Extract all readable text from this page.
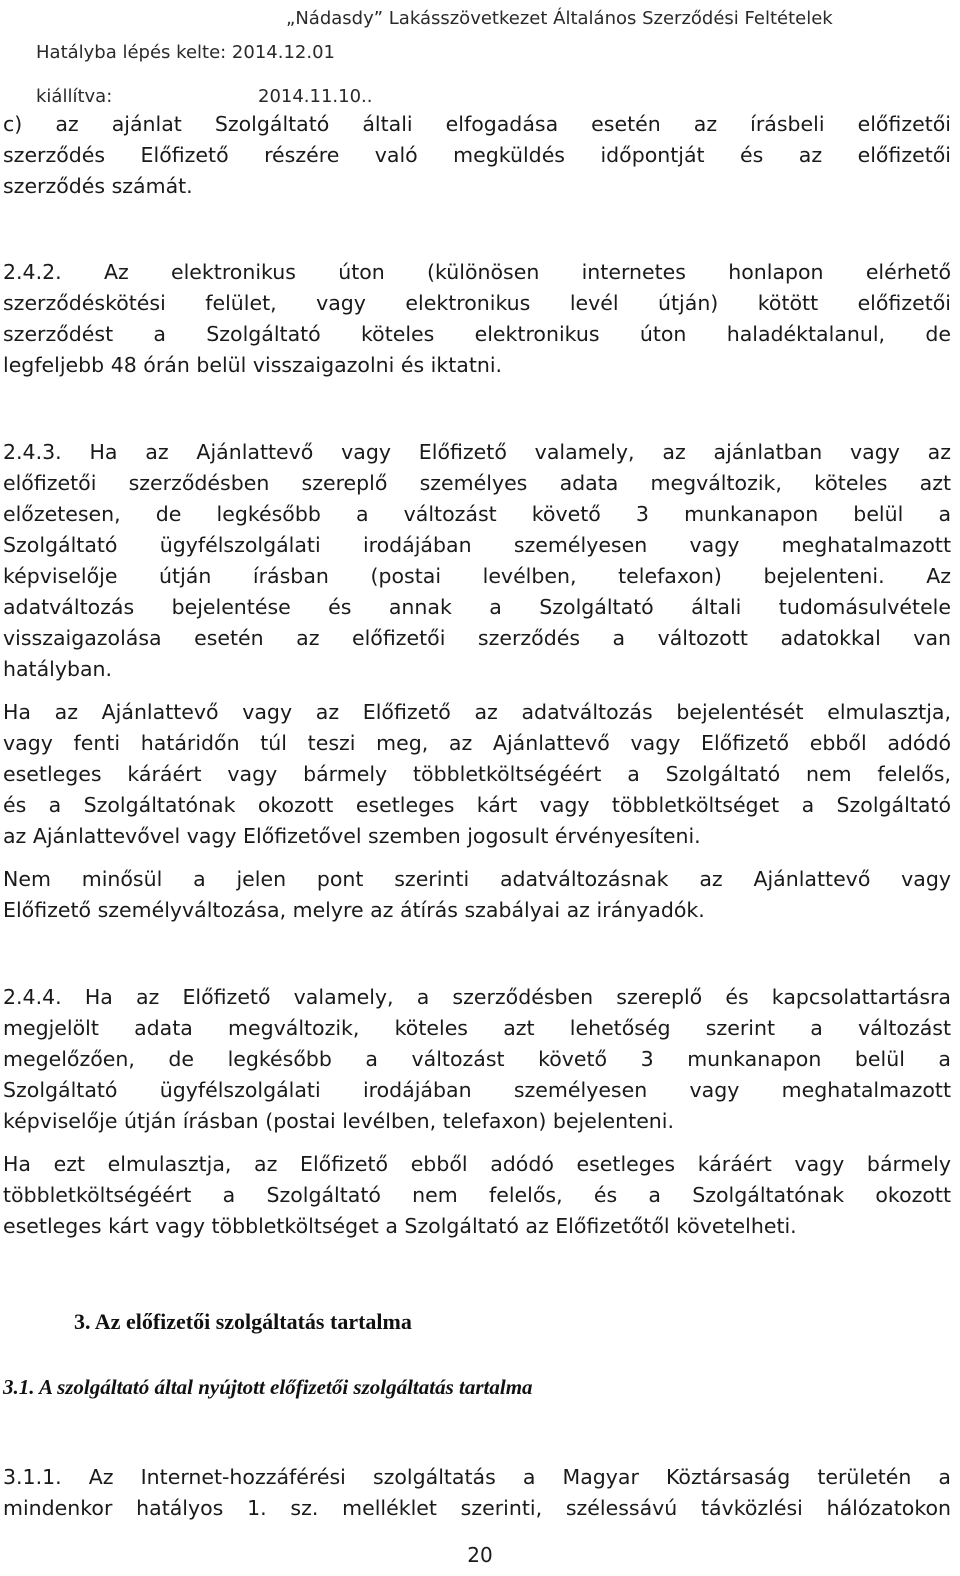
„Nádasdy” Lakásszövetkezet Általános Szerződési Feltételek
Hatályba lépés kelte: 2014.12.01
kiállítva:	2014.11.10..
c) az ajánlat Szolgáltató általi elfogadása esetén az írásbeli előfizetői
szerződés Előfizető részére való megküldés időpontját és az előfizetői
szerződés számát.
2.4.2. Az elektronikus úton (különösen internetes honlapon elérhető
szerződéskötési felület, vagy elektronikus levél útján) kötött előfizetői
szerződést a Szolgáltató köteles elektronikus úton haladéktalanul, de
legfeljebb 48 órán belül visszaigazolni és iktatni.
2.4.3. Ha az Ajánlattevő vagy Előfizető valamely, az ajánlatban vagy az
előfizetői szerződésben szereplő személyes adata megváltozik, köteles azt
előzetesen, de legkésőbb a változást követő 3 munkanapon belül a
Szolgáltató ügyfélszolgálati irodájában személyesen vagy meghatalmazott
képviselője útján írásban (postai levélben, telefaxon) bejelenteni. Az
adatváltozás bejelentése és annak a Szolgáltató általi tudomásulvétele
visszaigazolása esetén az előfizetői szerződés a változott adatokkal van
hatályban.
Ha az Ajánlattevő vagy az Előfizető az adatváltozás bejelentését elmulasztja,
vagy fenti határidőn túl teszi meg, az Ajánlattevő vagy Előfizető ebből adódó
esetleges káráért vagy bármely többletköltségéért a Szolgáltató nem felelős,
és a Szolgáltatónak okozott esetleges kárt vagy többletköltséget a Szolgáltató
az Ajánlattevővel vagy Előfizetővel szemben jogosult érvényesíteni.
Nem minősül a jelen pont szerinti adatváltozásnak az Ajánlattevő vagy
Előfizető személyváltozása, melyre az átírás szabályai az irányadók.
2.4.4. Ha az Előfizető valamely, a szerződésben szereplő és kapcsolattartásra
megjelölt adata megváltozik, köteles azt lehetőség szerint a változást
megelőzően, de legkésőbb a változást követő 3 munkanapon belül a
Szolgáltató ügyfélszolgálati irodájában személyesen vagy meghatalmazott
képviselője útján írásban (postai levélben, telefaxon) bejelenteni.
Ha ezt elmulasztja, az Előfizető ebből adódó esetleges káráért vagy bármely
többletköltségéért a Szolgáltató nem felelős, és a Szolgáltatónak okozott
esetleges kárt vagy többletköltséget a Szolgáltató az Előfizetőtől követelheti.
3. Az előfizetői szolgáltatás tartalma
3.1. A szolgáltató által nyújtott előfizetői szolgáltatás tartalma
3.1.1. Az Internet-hozzáférési szolgáltatás a Magyar Köztársaság területén a
mindenkor hatályos 1. sz. melléklet szerinti, szélessávú távközlési hálózatokon
20
